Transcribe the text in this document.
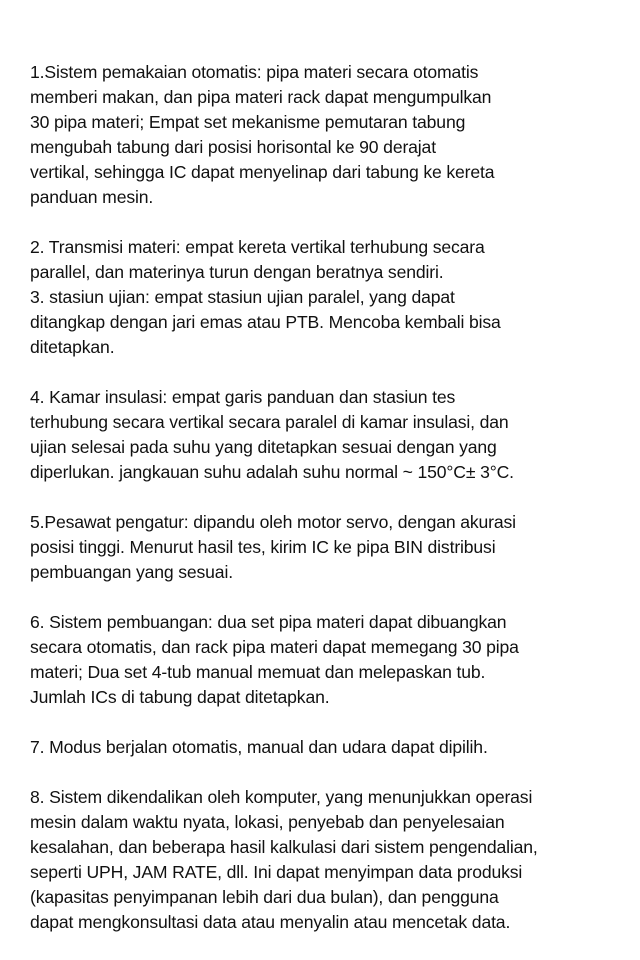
1.Sistem pemakaian otomatis: pipa materi secara otomatis
memberi makan, dan pipa materi rack dapat mengumpulkan
30 pipa materi; Empat set mekanisme pemutaran tabung
mengubah tabung dari posisi horisontal ke 90 derajat
vertikal, sehingga IC dapat menyelinap dari tabung ke kereta
panduan mesin.

2. Transmisi materi: empat kereta vertikal terhubung secara
parallel, dan materinya turun dengan beratnya sendiri.

3. stasiun ujian: empat stasiun ujian paralel, yang dapat
ditangkap dengan jari emas atau PTB. Mencoba kembali bisa
ditetapkan.

4. Kamar insulasi: empat garis panduan dan stasiun tes
terhubung secara vertikal secara paralel di kamar insulasi, dan
ujian selesai pada suhu yang ditetapkan sesuai dengan yang
diperlukan. jangkauan suhu adalah suhu normal ~ 150°C± 3°C.

5.Pesawat pengatur: dipandu oleh motor servo, dengan akurasi
posisi tinggi. Menurut hasil tes, kirim IC ke pipa BIN distribusi
pembuangan yang sesuai.

6. Sistem pembuangan: dua set pipa materi dapat dibuangkan
secara otomatis, dan rack pipa materi dapat memegang 30 pipa
materi; Dua set 4-tub manual memuat dan melepaskan tub.
Jumlah ICs di tabung dapat ditetapkan.

7. Modus berjalan otomatis, manual dan udara dapat dipilih.

8. Sistem dikendalikan oleh komputer, yang menunjukkan operasi
mesin dalam waktu nyata, lokasi, penyebab dan penyelesaian
kesalahan, dan beberapa hasil kalkulasi dari sistem pengendalian,
seperti UPH, JAM RATE, dll. Ini dapat menyimpan data produksi
(kapasitas penyimpanan lebih dari dua bulan), dan pengguna
dapat mengkonsultasi data atau menyalin atau mencetak data.
